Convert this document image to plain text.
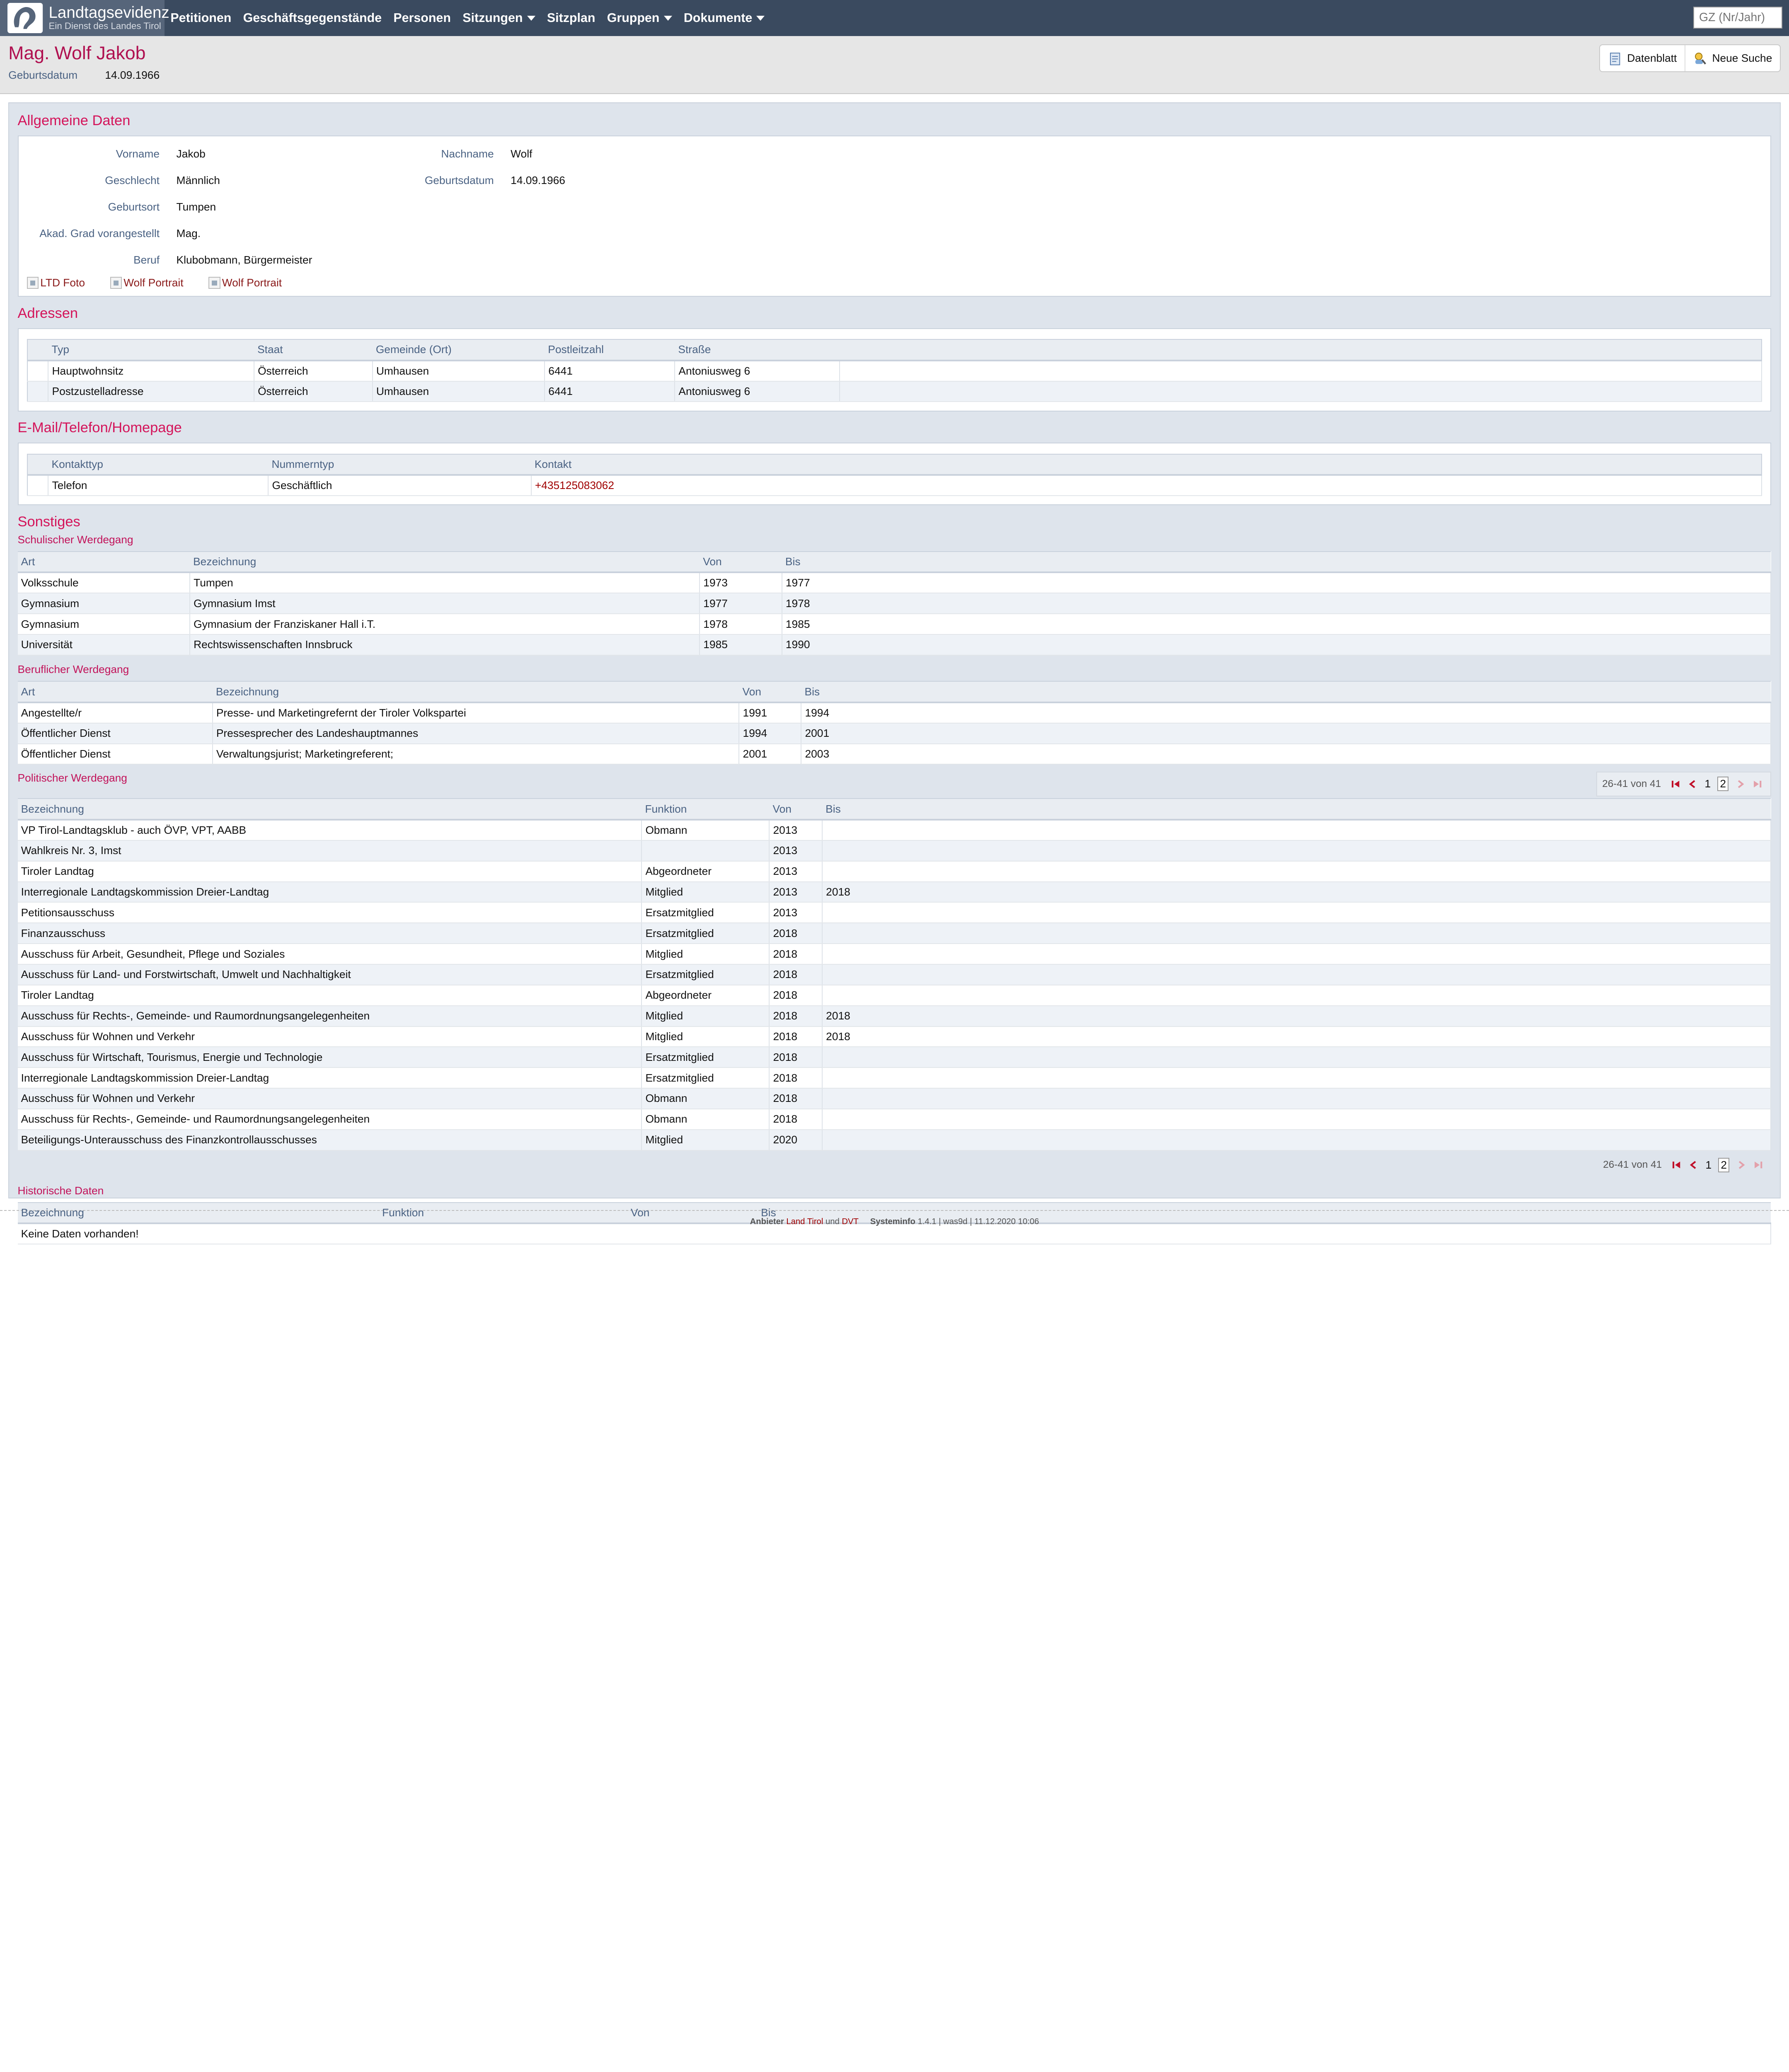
Landtagsevidenz
Ein Dienst des Landes Tirol
Petitionen Geschäftsgegenstände Personen Sitzungen	Sitzplan Gruppen	Dokumente
GZ (Nr/Jahr)
Mag. Wolf Jakob
Geburtsdatum	14.09.1966
Datenblatt	Neue Suche
Allgemeine Daten
Vorname	Jakob	Nachname	Wolf
Geschlecht	Männlich	Geburtsdatum	14.09.1966
Geburtsort	Tumpen
Akad. Grad vorangestellt	Mag.
Beruf	Klubobmann, Bürgermeister
LTD Foto	Wolf Portrait	Wolf Portrait
Adressen
	Typ	Staat	Gemeinde (Ort)	Postleitzahl	Straße	
	Hauptwohnsitz	Österreich	Umhausen	6441	Antoniusweg 6	
	Postzustelladresse	Österreich	Umhausen	6441	Antoniusweg 6	
E-Mail/Telefon/Homepage
	Kontakttyp	Nummerntyp	Kontakt
	Telefon	Geschäftlich	+435125083062
Sonstiges
Schulischer Werdegang
Art	Bezeichnung	Von	Bis
Volksschule	Tumpen	1973	1977
Gymnasium	Gymnasium Imst	1977	1978
Gymnasium	Gymnasium der Franziskaner Hall i.T.	1978	1985
Universität	Rechtswissenschaften Innsbruck	1985	1990
Beruflicher Werdegang
Art	Bezeichnung	Von	Bis
Angestellte/r	Presse- und Marketingrefernt der Tiroler Volkspartei	1991	1994
Öffentlicher Dienst	Pressesprecher des Landeshauptmannes	1994	2001
Öffentlicher Dienst	Verwaltungsjurist; Marketingreferent;	2001	2003
Politischer Werdegang	26-41 von 41	1	2
Bezeichnung	Funktion	Von	Bis
VP Tirol-Landtagsklub - auch ÖVP, VPT, AABB	Obmann	2013	
Wahlkreis Nr. 3, Imst		2013	
Tiroler Landtag	Abgeordneter	2013	
Interregionale Landtagskommission Dreier-Landtag	Mitglied	2013	2018
Petitionsausschuss	Ersatzmitglied	2013	
Finanzausschuss	Ersatzmitglied	2018	
Ausschuss für Arbeit, Gesundheit, Pflege und Soziales	Mitglied	2018	
Ausschuss für Land- und Forstwirtschaft, Umwelt und Nachhaltigkeit	Ersatzmitglied	2018	
Tiroler Landtag	Abgeordneter	2018	
Ausschuss für Rechts-, Gemeinde- und Raumordnungsangelegenheiten	Mitglied	2018	2018
Ausschuss für Wohnen und Verkehr	Mitglied	2018	2018
Ausschuss für Wirtschaft, Tourismus, Energie und Technologie	Ersatzmitglied	2018	
Interregionale Landtagskommission Dreier-Landtag	Ersatzmitglied	2018	
Ausschuss für Wohnen und Verkehr	Obmann	2018	
Ausschuss für Rechts-, Gemeinde- und Raumordnungsangelegenheiten	Obmann	2018	
Beteiligungs-Unterausschuss des Finanzkontrollausschusses	Mitglied	2020	
26-41 von 41	1	2
Historische Daten
Bezeichnung	Funktion	Von	Bis
Keine Daten vorhanden!
Anbieter Land Tirol und DVT	Systeminfo 1.4.1 | was9d | 11.12.2020 10:06
